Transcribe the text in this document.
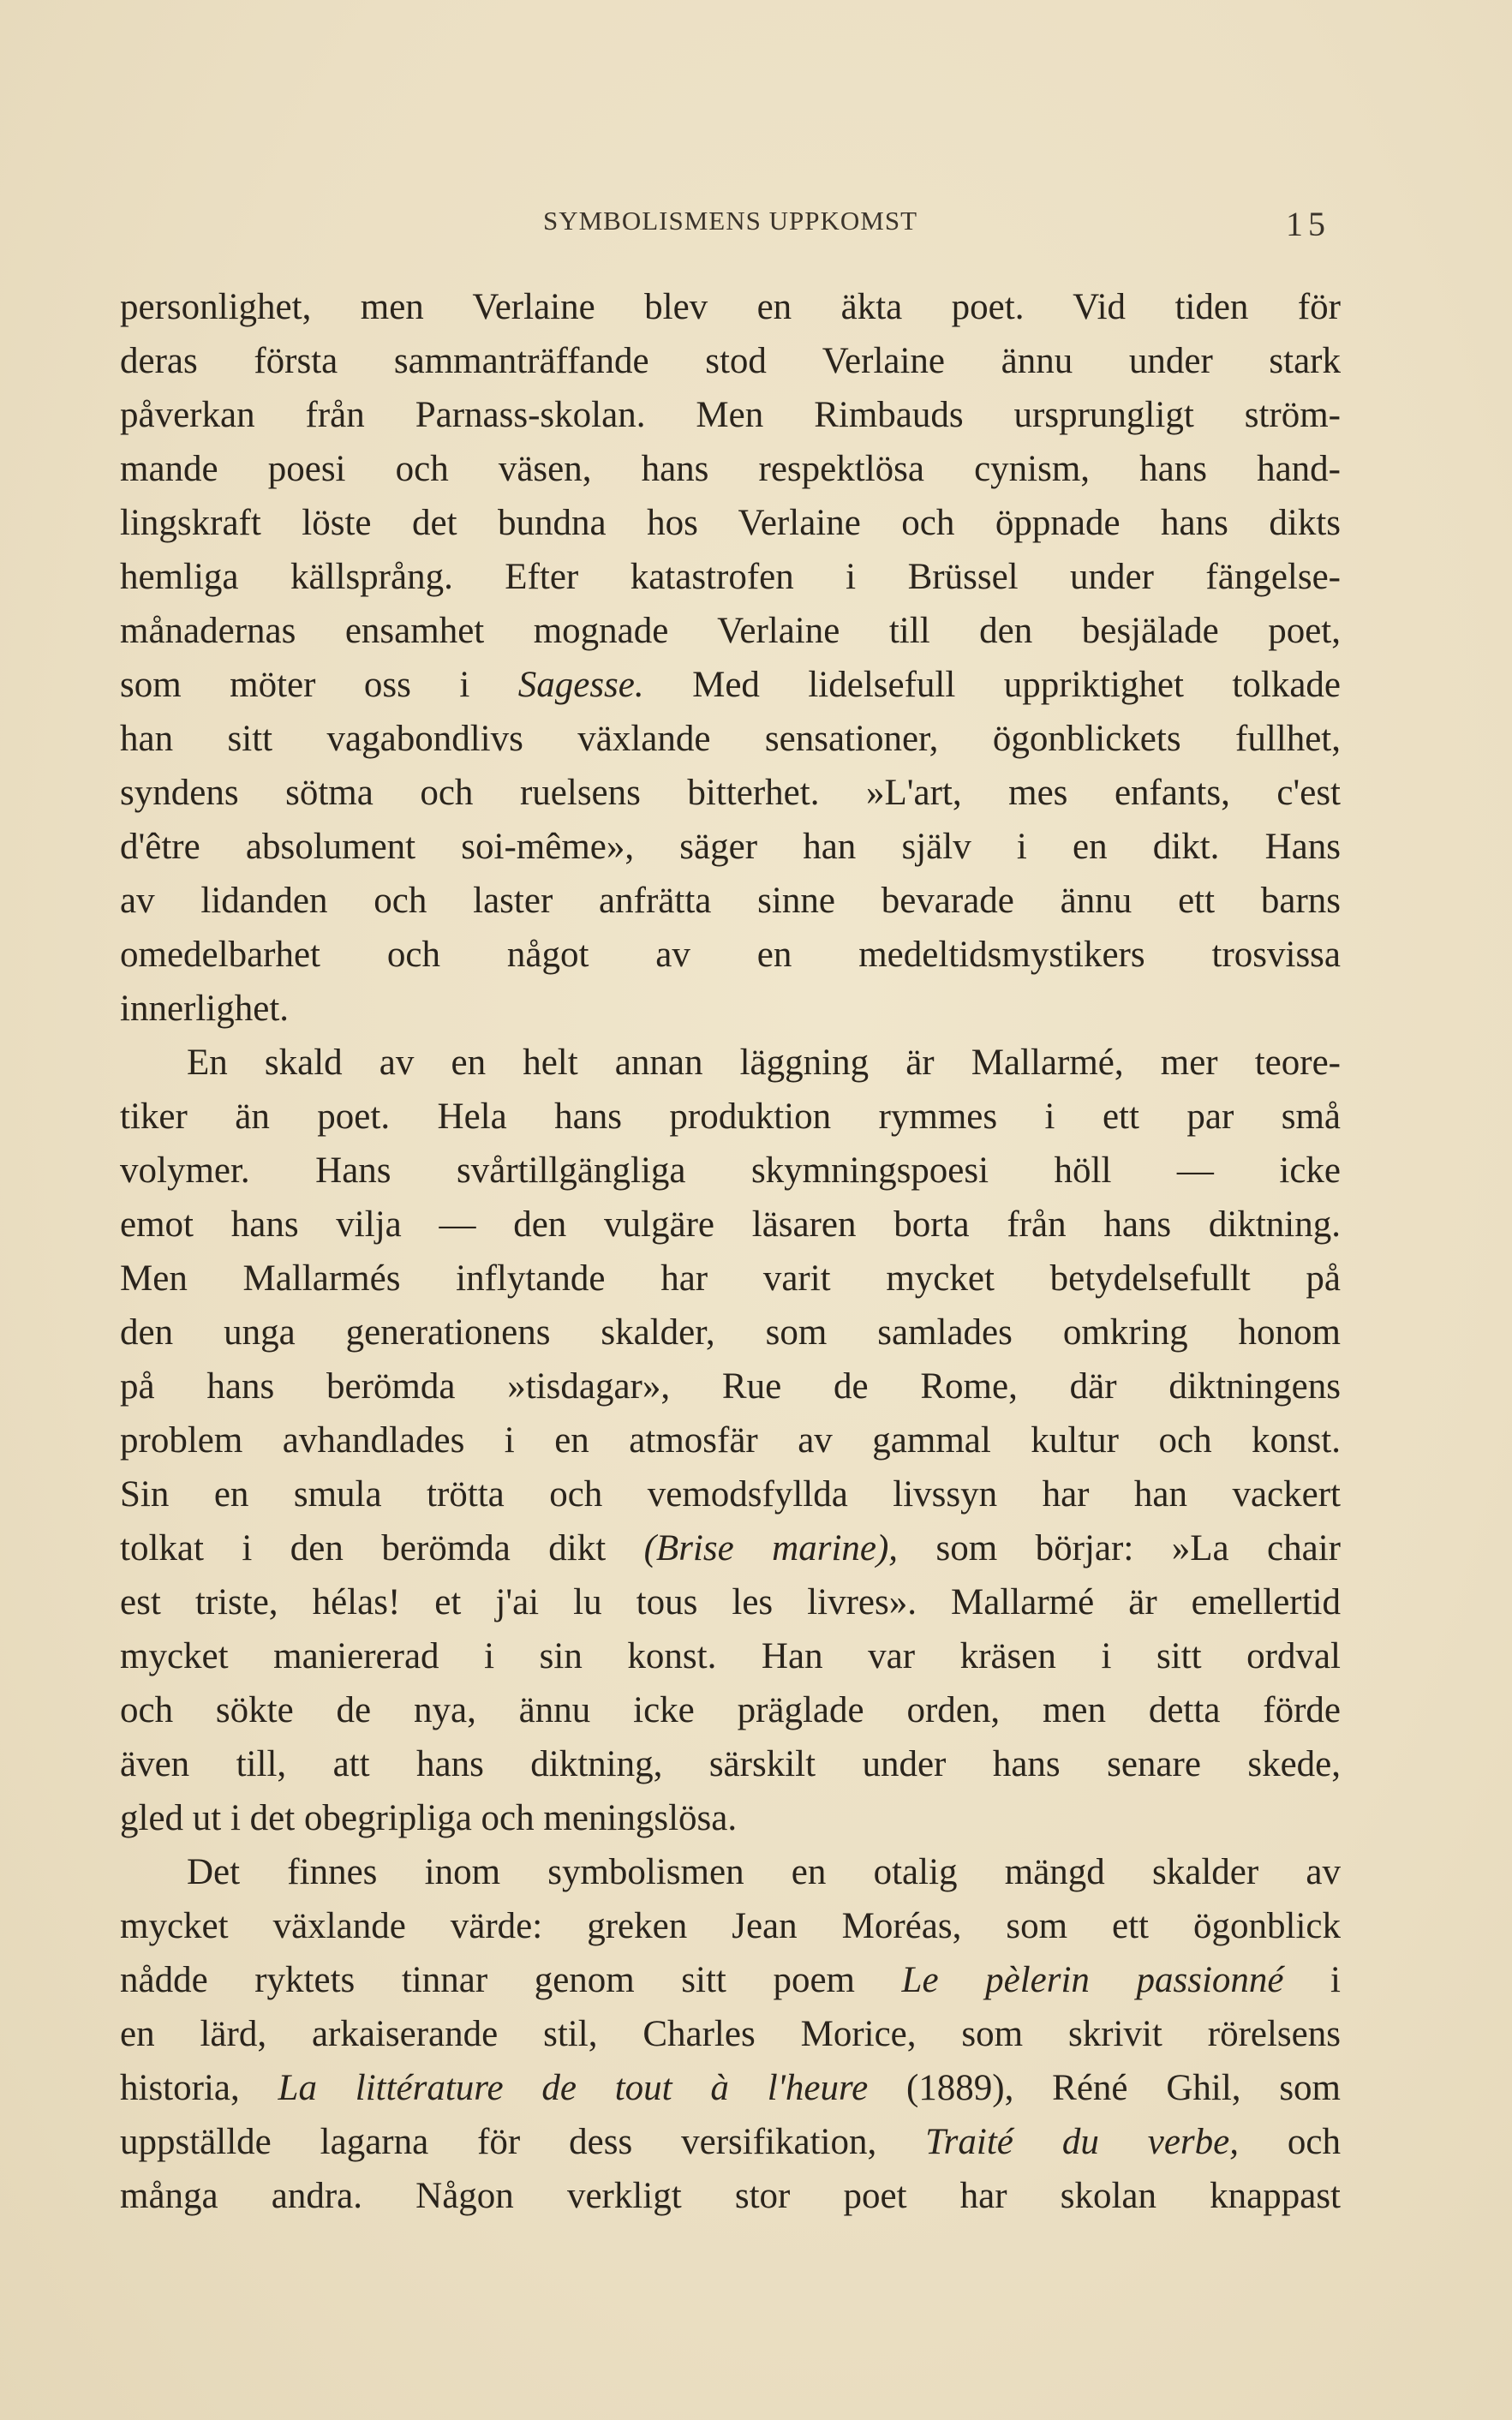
SYMBOLISMENS UPPKOMST	15
personlighet, men Verlaine blev en äkta poet. Vid tiden för
deras första sammanträffande stod Verlaine ännu under stark
påverkan från Parnass-skolan. Men Rimbauds ursprungligt ström-
mande poesi och väsen, hans respektlösa cynism, hans hand-
lingskraft löste det bundna hos Verlaine och öppnade hans dikts
hemliga källsprång. Efter katastrofen i Brüssel under fängelse-
månadernas ensamhet mognade Verlaine till den besjälade poet,
som möter oss i Sagesse. Med lidelsefull uppriktighet tolkade
han sitt vagabondlivs växlande sensationer, ögonblickets fullhet,
syndens sötma och ruelsens bitterhet. »L'art, mes enfants, c'est
d'être absolument soi-même», säger han själv i en dikt. Hans
av lidanden och laster anfrätta sinne bevarade ännu ett barns
omedelbarhet och något av en medeltidsmystikers trosvissa
innerlighet.
En skald av en helt annan läggning är Mallarmé, mer teore-
tiker än poet. Hela hans produktion rymmes i ett par små
volymer. Hans svårtillgängliga skymningspoesi höll — icke
emot hans vilja — den vulgäre läsaren borta från hans diktning.
Men Mallarmés inflytande har varit mycket betydelsefullt på
den unga generationens skalder, som samlades omkring honom
på hans berömda »tisdagar», Rue de Rome, där diktningens
problem avhandlades i en atmosfär av gammal kultur och konst.
Sin en smula trötta och vemodsfyllda livssyn har han vackert
tolkat i den berömda dikt (Brise marine), som börjar: »La chair
est triste, hélas! et j'ai lu tous les livres». Mallarmé är emellertid
mycket maniererad i sin konst. Han var kräsen i sitt ordval
och sökte de nya, ännu icke präglade orden, men detta förde
även till, att hans diktning, särskilt under hans senare skede,
gled ut i det obegripliga och meningslösa.
Det finnes inom symbolismen en otalig mängd skalder av
mycket växlande värde: greken Jean Moréas, som ett ögonblick
nådde ryktets tinnar genom sitt poem Le pèlerin passionné i
en lärd, arkaiserande stil, Charles Morice, som skrivit rörelsens
historia, La littérature de tout à l'heure (1889), Réné Ghil, som
uppställde lagarna för dess versifikation, Traité du verbe, och
många andra. Någon verkligt stor poet har skolan knappast
